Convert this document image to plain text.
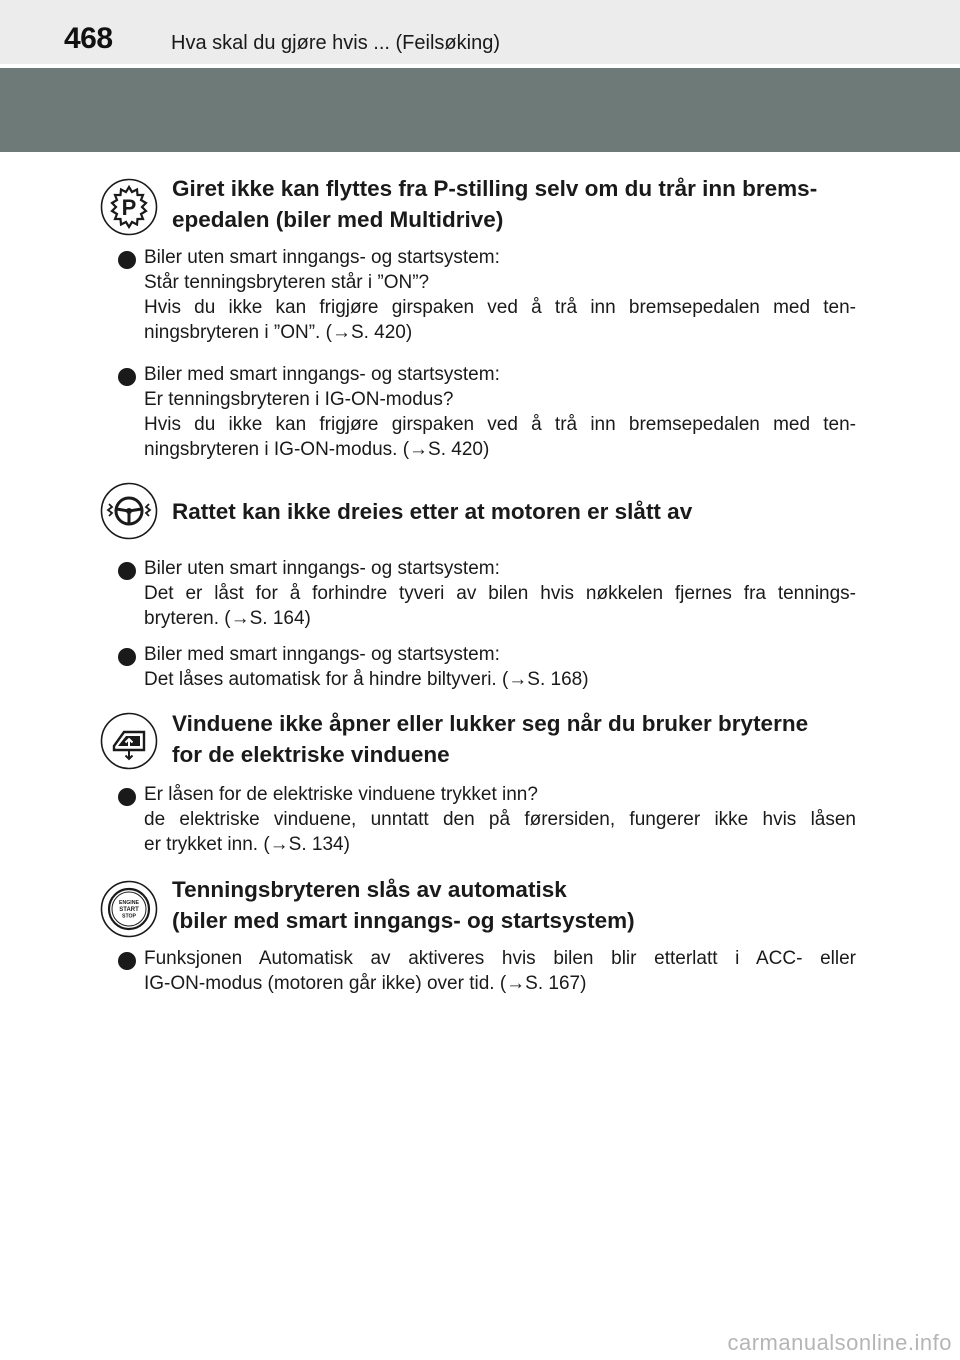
468	Hva skal du gjøre hvis ... (Feilsøking)
P
Giret ikke kan flyttes fra P-stilling selv om du trår inn brems-
epedalen (biler med Multidrive)
Biler uten smart inngangs- og startsystem:
Står tenningsbryteren står i ”ON”?
Hvis du ikke kan frigjøre girspaken ved å trå inn bremsepedalen med ten-
ningsbryteren i ”ON”. (→S. 420)
Biler med smart inngangs- og startsystem:
Er tenningsbryteren i IG-ON-modus?
Hvis du ikke kan frigjøre girspaken ved å trå inn bremsepedalen med ten-
ningsbryteren i IG-ON-modus. (→S. 420)
Rattet kan ikke dreies etter at motoren er slått av
Biler uten smart inngangs- og startsystem:
Det er låst for å forhindre tyveri av bilen hvis nøkkelen fjernes fra tennings-
bryteren. (→S. 164)
Biler med smart inngangs- og startsystem:
Det låses automatisk for å hindre biltyveri. (→S. 168)
Vinduene ikke åpner eller lukker seg når du bruker bryterne
for de elektriske vinduene
Er låsen for de elektriske vinduene trykket inn?
de elektriske vinduene, unntatt den på førersiden, fungerer ikke hvis låsen
er trykket inn. (→S. 134)
ENGINE
START
STOP
Tenningsbryteren slås av automatisk
(biler med smart inngangs- og startsystem)
Funksjonen Automatisk av aktiveres hvis bilen blir etterlatt i ACC- eller
IG-ON-modus (motoren går ikke) over tid. (→S. 167)
carmanualsonline.info
